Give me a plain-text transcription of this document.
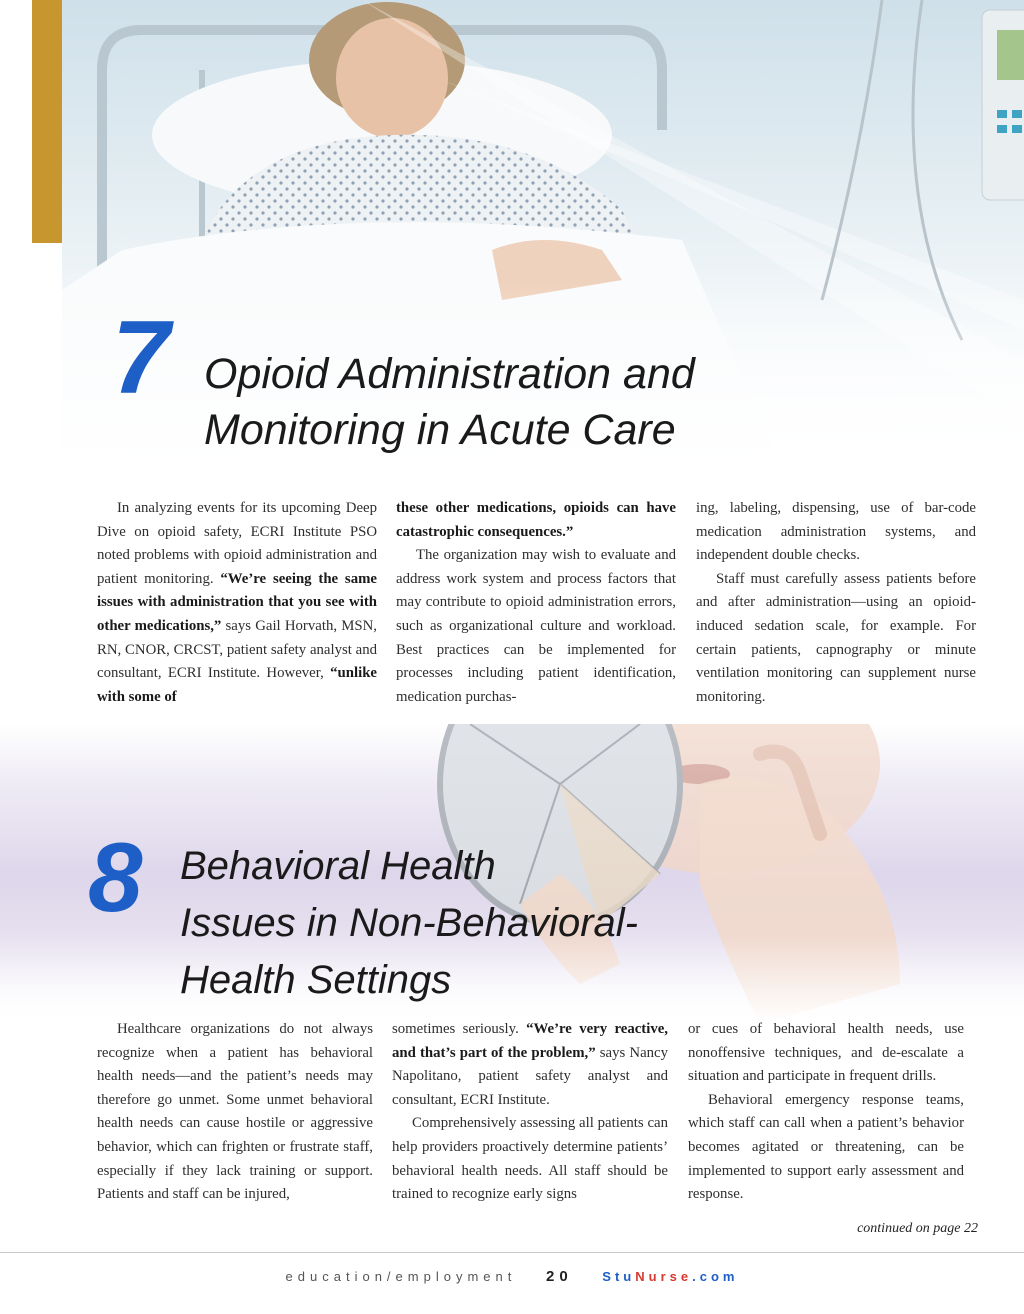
7 Opioid Administration and
Monitoring in Acute Care

In analyzing events for its upcoming Deep Dive on opioid safety, ECRI Institute PSO noted problems with opioid administration and patient monitoring. “We’re seeing the same issues with administration that you see with other medications,” says Gail Horvath, MSN, RN, CNOR, CRCST, patient safety analyst and consultant, ECRI Institute. However, “unlike with some of

these other medications, opioids can have catastrophic consequences.”

The organization may wish to evaluate and address work system and process factors that may contribute to opioid administration errors, such as organizational culture and workload. Best practices can be implemented for processes including patient identification, medication purchas-

ing, labeling, dispensing, use of bar-code medication administration systems, and independent double checks.

Staff must carefully assess patients before and after administration—using an opioid-induced sedation scale, for example. For certain patients, capnography or minute ventilation monitoring can supplement nurse monitoring.

8 Behavioral Health
Issues in Non-Behavioral-
Health Settings

Healthcare organizations do not always recognize when a patient has behavioral health needs—and the patient’s needs may therefore go unmet. Some unmet behavioral health needs can cause hostile or aggressive behavior, which can frighten or frustrate staff, especially if they lack training or support. Patients and staff can be injured,

sometimes seriously. “We’re very reactive, and that’s part of the problem,” says Nancy Napolitano, patient safety analyst and consultant, ECRI Institute.

Comprehensively assessing all patients can help providers proactively determine patients’ behavioral health needs. All staff should be trained to recognize early signs

or cues of behavioral health needs, use nonoffensive techniques, and de-escalate a situation and participate in frequent drills.

Behavioral emergency response teams, which staff can call when a patient’s behavior becomes agitated or threatening, can be implemented to support early assessment and response.

continued on page 22
education/employment 20 StuNurse.com
